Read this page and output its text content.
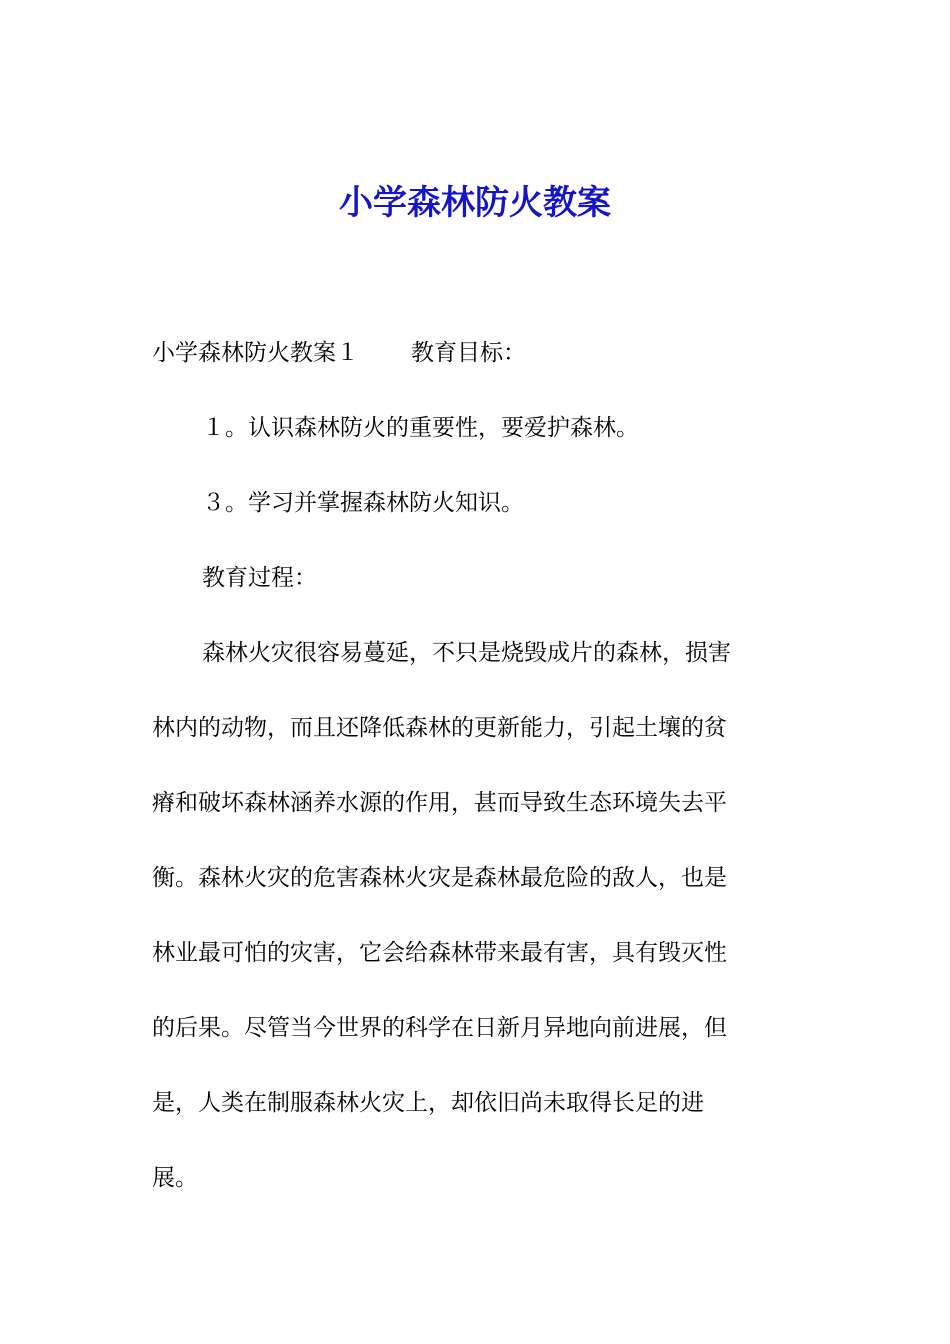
小学森林防火教案
小学森林防火教案１ 教育目标：
１。认识森林防火的重要性，要爱护森林。
３。学习并掌握森林防火知识。
教育过程：
森林火灾很容易蔓延，不只是烧毁成片的森林，损害
林内的动物，而且还降低森林的更新能力，引起土壤的贫
瘠和破坏森林涵养水源的作用，甚而导致生态环境失去平
衡。森林火灾的危害森林火灾是森林最危险的敌人，也是
林业最可怕的灾害，它会给森林带来最有害，具有毁灭性
的后果。尽管当今世界的科学在日新月异地向前进展，但
是，人类在制服森林火灾上，却依旧尚未取得长足的进
展。
